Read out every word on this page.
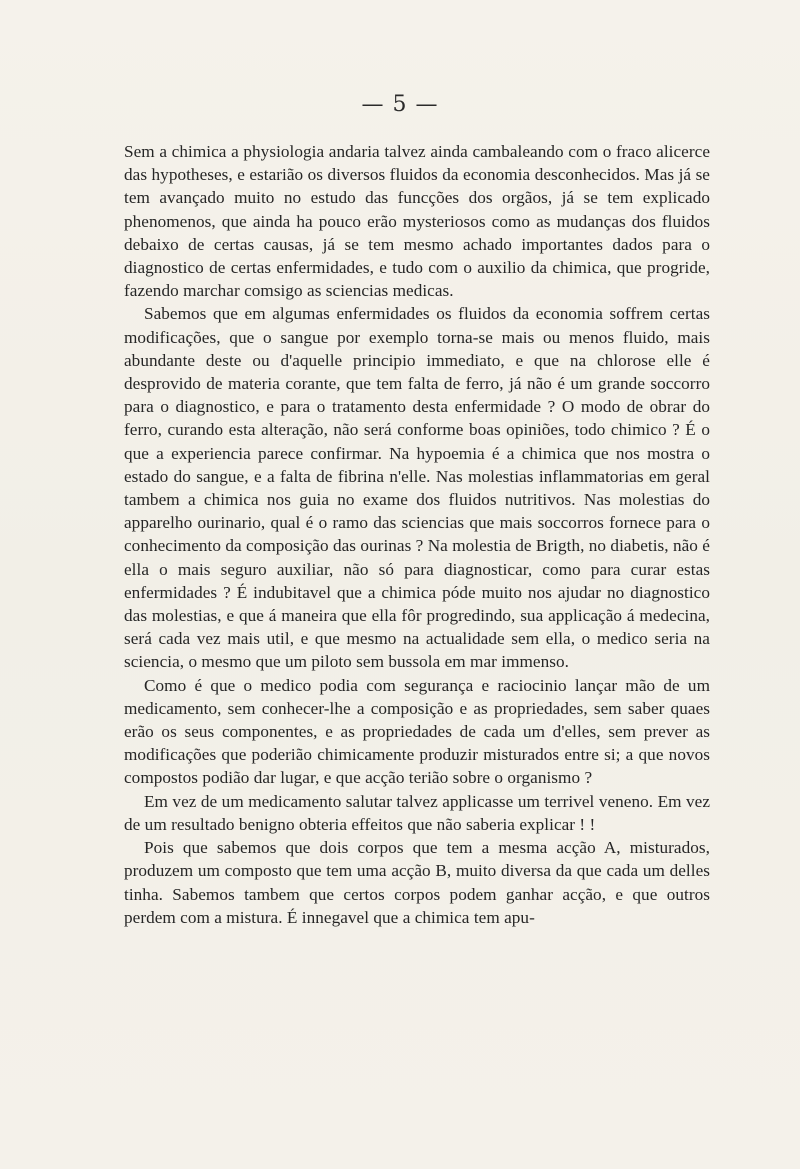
— 5 —

Sem a chimica a physiologia andaria talvez ainda cambaleando com o fraco alicerce das hypotheses, e estarião os diversos fluidos da economia desconhecidos. Mas já se tem avançado muito no estudo das funcções dos orgãos, já se tem explicado phenomenos, que ainda ha pouco erão mysteriosos como as mudanças dos fluidos debaixo de certas causas, já se tem mesmo achado importantes dados para o diagnostico de certas enfermidades, e tudo com o auxilio da chimica, que progride, fazendo marchar comsigo as sciencias medicas.

Sabemos que em algumas enfermidades os fluidos da economia soffrem certas modificações, que o sangue por exemplo torna-se mais ou menos fluido, mais abundante deste ou d'aquelle principio immediato, e que na chlorose elle é desprovido de materia corante, que tem falta de ferro, já não é um grande soccorro para o diagnostico, e para o tratamento desta enfermidade ? O modo de obrar do ferro, curando esta alteração, não será conforme boas opiniões, todo chimico ? É o que a experiencia parece confirmar. Na hypoemia é a chimica que nos mostra o estado do sangue, e a falta de fibrina n'elle. Nas molestias inflammatorias em geral tambem a chimica nos guia no exame dos fluidos nutritivos. Nas molestias do apparelho ourinario, qual é o ramo das sciencias que mais soccorros fornece para o conhecimento da composição das ourinas ? Na molestia de Brigth, no diabetis, não é ella o mais seguro auxiliar, não só para diagnosticar, como para curar estas enfermidades ? É indubitavel que a chimica póde muito nos ajudar no diagnostico das molestias, e que á maneira que ella fôr progredindo, sua applicação á medecina, será cada vez mais util, e que mesmo na actualidade sem ella, o medico seria na sciencia, o mesmo que um piloto sem bussola em mar immenso.

Como é que o medico podia com segurança e raciocinio lançar mão de um medicamento, sem conhecer-lhe a composição e as propriedades, sem saber quaes erão os seus componentes, e as propriedades de cada um d'elles, sem prever as modificações que poderião chimicamente produzir misturados entre si; a que novos compostos podião dar lugar, e que acção terião sobre o organismo ?

Em vez de um medicamento salutar talvez applicasse um terrivel veneno. Em vez de um resultado benigno obteria effeitos que não saberia explicar ! !

Pois que sabemos que dois corpos que tem a mesma acção A, misturados, produzem um composto que tem uma acção B, muito diversa da que cada um delles tinha. Sabemos tambem que certos corpos podem ganhar acção, e que outros perdem com a mistura. É innegavel que a chimica tem apu-
